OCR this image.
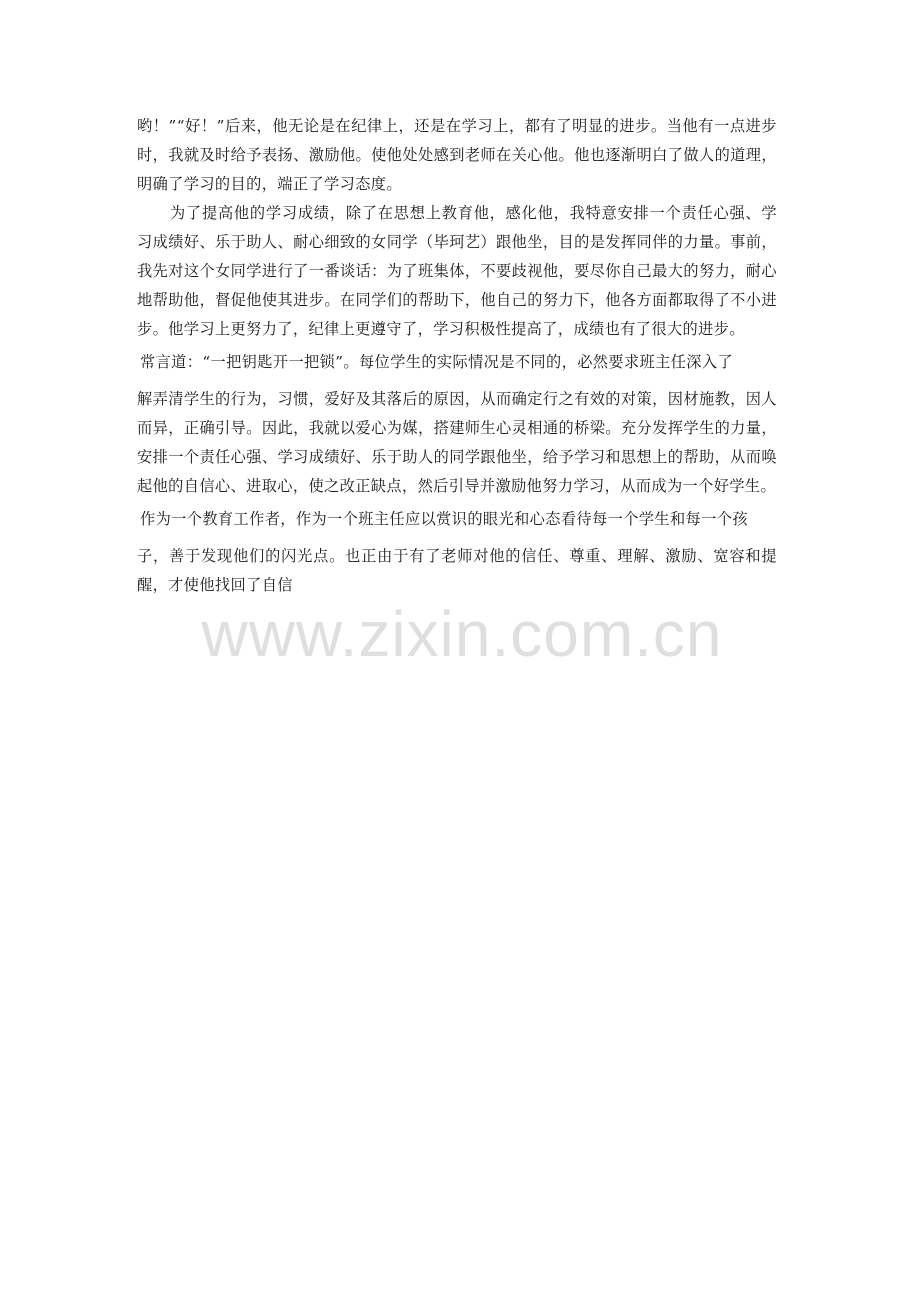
哟！”“好！”后来，他无论是在纪律上，还是在学习上，都有了明显的进步。当他有一点进步时，我就及时给予表扬、激励他。使他处处感到老师在关心他。他也逐渐明白了做人的道理，明确了学习的目的，端正了学习态度。

为了提高他的学习成绩，除了在思想上教育他，感化他，我特意安排一个责任心强、学习成绩好、乐于助人、耐心细致的女同学（毕珂艺）跟他坐，目的是发挥同伴的力量。事前，我先对这个女同学进行了一番谈话：为了班集体，不要歧视他，要尽你自己最大的努力，耐心地帮助他，督促他使其进步。在同学们的帮助下，他自己的努力下，他各方面都取得了不小进步。他学习上更努力了，纪律上更遵守了，学习积极性提高了，成绩也有了很大的进步。

常言道：“一把钥匙开一把锁”。每位学生的实际情况是不同的，必然要求班主任深入了

解弄清学生的行为，习惯，爱好及其落后的原因，从而确定行之有效的对策，因材施教，因人而异，正确引导。因此，我就以爱心为媒，搭建师生心灵相通的桥梁。充分发挥学生的力量，安排一个责任心强、学习成绩好、乐于助人的同学跟他坐，给予学习和思想上的帮助，从而唤起他的自信心、进取心，使之改正缺点，然后引导并激励他努力学习，从而成为一个好学生。

作为一个教育工作者，作为一个班主任应以赏识的眼光和心态看待每一个学生和每一个孩

子，善于发现他们的闪光点。也正由于有了老师对他的信任、尊重、理解、激励、宽容和提醒，才使他找回了自信

www.zixin.com.cn
